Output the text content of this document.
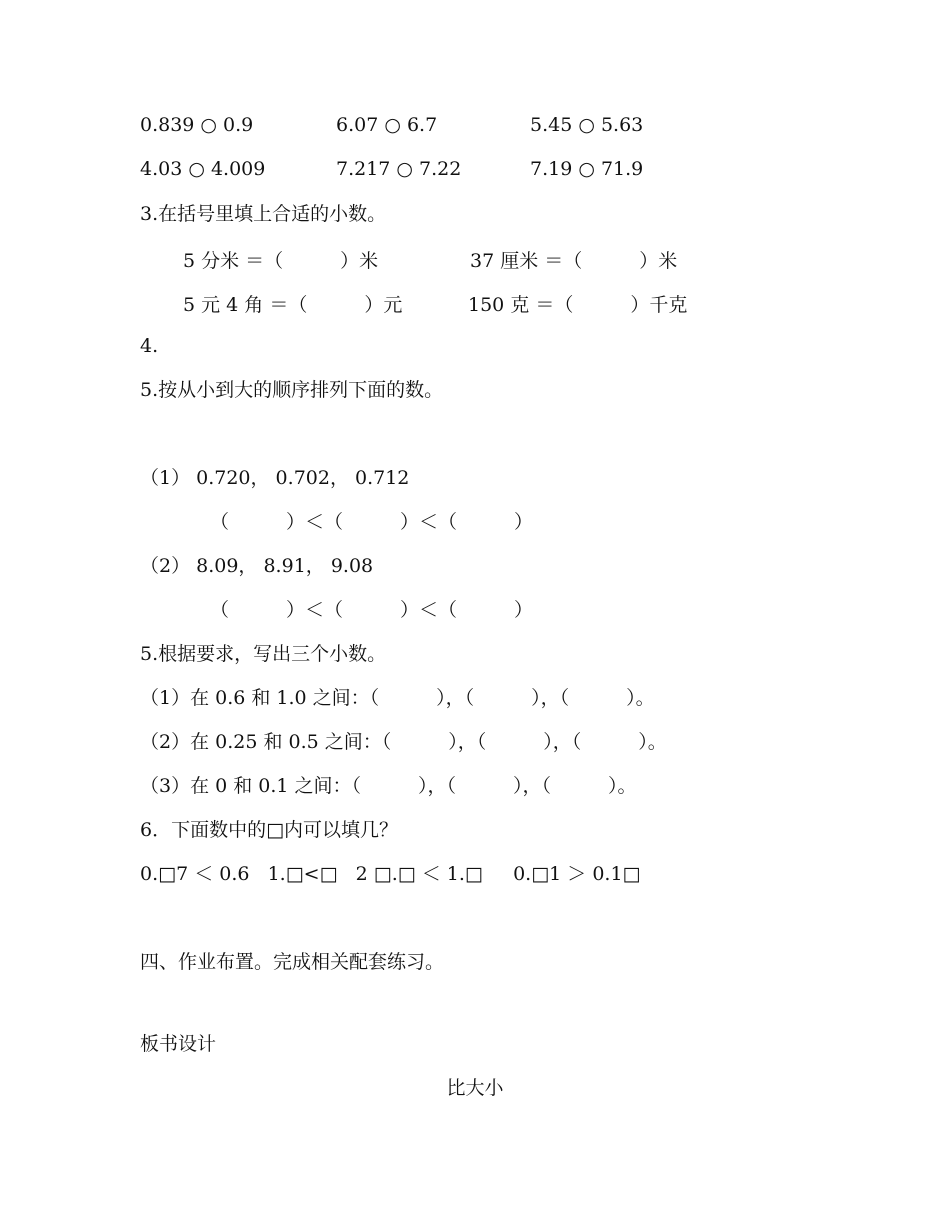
0.839 ○ 0.9	6.07 ○ 6.7	5.45 ○ 5.63
4.03 ○ 4.009	7.217 ○ 7.22	7.19 ○ 71.9
3.在括号里填上合适的小数。
5 分米 ＝（　　　）米	37 厘米 ＝（　　　）米
5 元 4 角 ＝（　　　）元	150 克 ＝（　　　）千克
4.
5.按从小到大的顺序排列下面的数。
（1） 0.720， 0.702， 0.712
（　　　）＜（　　　）＜（　　　）
（2） 8.09， 8.91， 9.08
（　　　）＜（　　　）＜（　　　）
5.根据要求，写出三个小数。
（1）在 0.6 和 1.0 之间：（　　　），（　　　），（　　　）。
（2）在 0.25 和 0.5 之间：（　　　），（　　　），（　　　）。
（3）在 0 和 0.1 之间：（　　　），（　　　），（　　　）。
6．下面数中的□内可以填几？
0.□7 ＜ 0.6   1.□<□   2 □.□ ＜ 1.□     0.□1 ＞ 0.1□
四、作业布置。完成相关配套练习。
板书设计
比大小
